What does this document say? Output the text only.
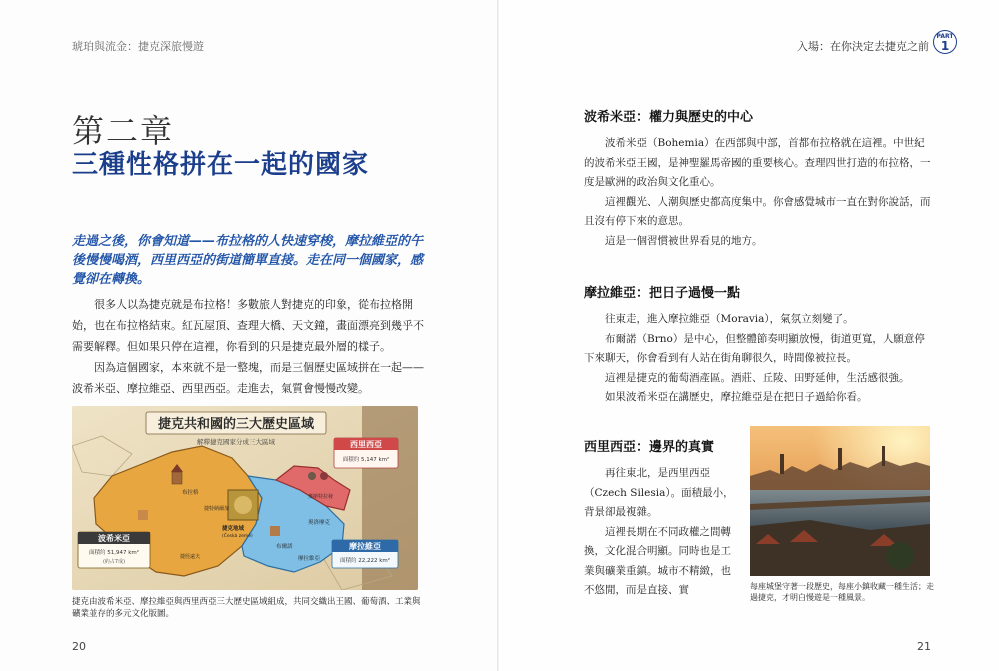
琥珀與流金：捷克深旅慢遊
第二章
三種性格拼在一起的國家
走過之後，你會知道——布拉格的人快速穿梭，摩拉維亞的午後慢慢喝酒，西里西亞的街道簡單直接。走在同一個國家，感覺卻在轉換。

很多人以為捷克就是布拉格！多數旅人對捷克的印象，從布拉格開始，也在布拉格結束。紅瓦屋頂、查理大橋、天文鐘，畫面漂亮到幾乎不需要解釋。但如果只停在這裡，你看到的只是捷克最外層的樣子。

因為這個國家，本來就不是一整塊，而是三個歷史區域拼在一起——波希米亞、摩拉維亞、西里西亞。走進去，氣質會慢慢改變。

捷克共和國的三大歷史區域
解釋捷克國家分成三大區域	西里西亞
面積約 5,147 km²
波希米亞
面積約 51,947 km²
(約占7成)
摩拉維亞
面積約 22,222 km²
布拉格
捷特納爾加
捷克地域
(Česká země)
布爾諾
奧洛摩克
奧斯特拉發
摩拉維亞
捷徑遠夫
捷克由波希米亞、摩拉維亞與西里西亞三大歷史區域組成，共同交織出王國、葡萄酒、工業與礦業並存的多元文化版圖。
20
入場：在你決定去捷克之前
PART
1
波希米亞：權力與歷史的中心

波希米亞（Bohemia）在西部與中部，首都布拉格就在這裡。中世紀的波希米亞王國，是神聖羅馬帝國的重要核心。查理四世打造的布拉格，一度是歐洲的政治與文化重心。

這裡觀光、人潮與歷史都高度集中。你會感覺城市一直在對你說話，而且沒有停下來的意思。

這是一個習慣被世界看見的地方。

摩拉維亞：把日子過慢一點

往東走，進入摩拉維亞（Moravia），氣氛立刻變了。

布爾諾（Brno）是中心，但整體節奏明顯放慢，街道更寬，人願意停下來聊天，你會看到有人站在街角聊很久，時間像被拉長。

這裡是捷克的葡萄酒產區。酒莊、丘陵、田野延伸，生活感很強。

如果波希米亞在講歷史，摩拉維亞是在把日子過給你看。

西里西亞：邊界的真實

再往東北，是西里西亞（Czech Silesia）。面積最小，背景卻最複雜。

這裡長期在不同政權之間轉換，文化混合明顯。同時也是工業與礦業重鎮。城市不精緻，也不悠閒，而是直接、實	每座城堡守著一段歷史，每座小鎮收藏一種生活；走過捷克，才明白慢遊是一種風景。
21
